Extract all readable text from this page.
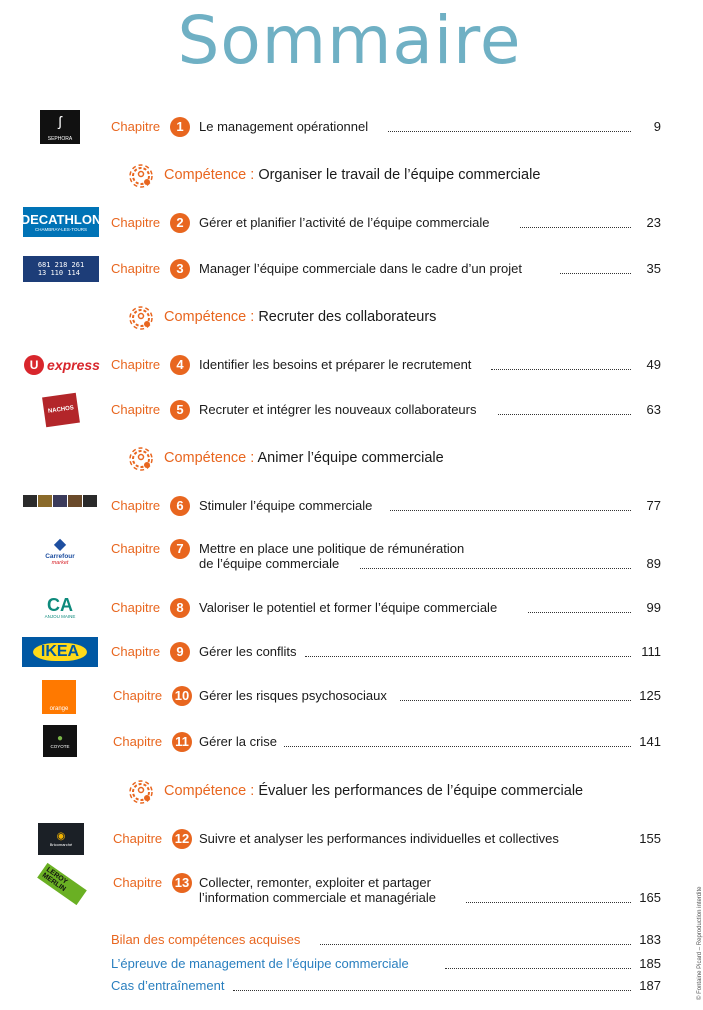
Sommaire
SEPHORA
ʃ	Chapitre	1	Le management opérationnel	9
Compétence : Organiser le travail de l’équipe commerciale
DECATHLON
CHAMBRAY-LES-TOURS Chapitre	2	Gérer et planifier l’activité de l’équipe commerciale	23
681 218 261
13 110 114	Chapitre	3	Manager l’équipe commerciale dans le cadre d’un projet	35
Compétence : Recruter des collaborateurs
U express Chapitre	4	Identifier les besoins et préparer le recrutement	49
NACHOS	Chapitre	5	Recruter et intégrer les nouveaux collaborateurs	63
Compétence : Animer l’équipe commerciale
Chapitre	6	Stimuler l’équipe commerciale	77
◆
Carrefour
market
Chapitre	7	Mettre en place une politique de rémunération
de l’équipe commerciale	89
CA
ANJOU MAINE
Chapitre	8	Valoriser le potentiel et former l’équipe commerciale	99
IKEA	Chapitre	9	Gérer les conflits	111
orange
Chapitre 10 Gérer les risques psychosociaux	125
●
COYOTE	Chapitre 11 Gérer la crise	141
Compétence : Évaluer les performances de l’équipe commerciale
◉
Bricomarché	Chapitre 12 Suivre et analyser les performances individuelles et collectives	155
LEROY MERLIN	Chapitre 13 Collecter, remonter, exploiter et partager
l’information commerciale et managériale	165
Bilan des compétences acquises	183
L’épreuve de management de l’équipe commerciale	185
Cas d’entraînement	187	© Fontaine Picard – Reproduction interdite
